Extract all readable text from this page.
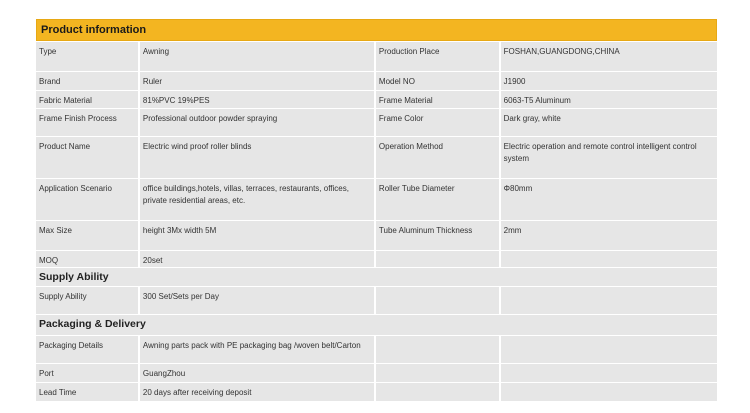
Product information
Type	Awning	Production Place	FOSHAN,GUANGDONG,CHINA
Brand	Ruler	Model NO	J1900
Fabric Material	81%PVC 19%PES	Frame Material	6063-T5 Aluminum
Frame Finish Process	Professional outdoor powder spraying	Frame Color	Dark gray, white
Product Name	Electric wind proof roller blinds	Operation Method	Electric operation and remote control intelligent control system
Application Scenario	office buildings,hotels, villas, terraces, restaurants, offices, private residential areas, etc.	Roller Tube Diameter	Φ80mm
Max Size	height 3Mx width 5M	Tube Aluminum Thickness	2mm
MOQ	20set		
Supply Ability			
Supply Ability	300 Set/Sets per Day		
Packaging & Delivery			
Packaging Details	Awning parts pack with PE packaging bag /woven belt/Carton		
Port	GuangZhou		
Lead Time	20 days after receiving deposit		
